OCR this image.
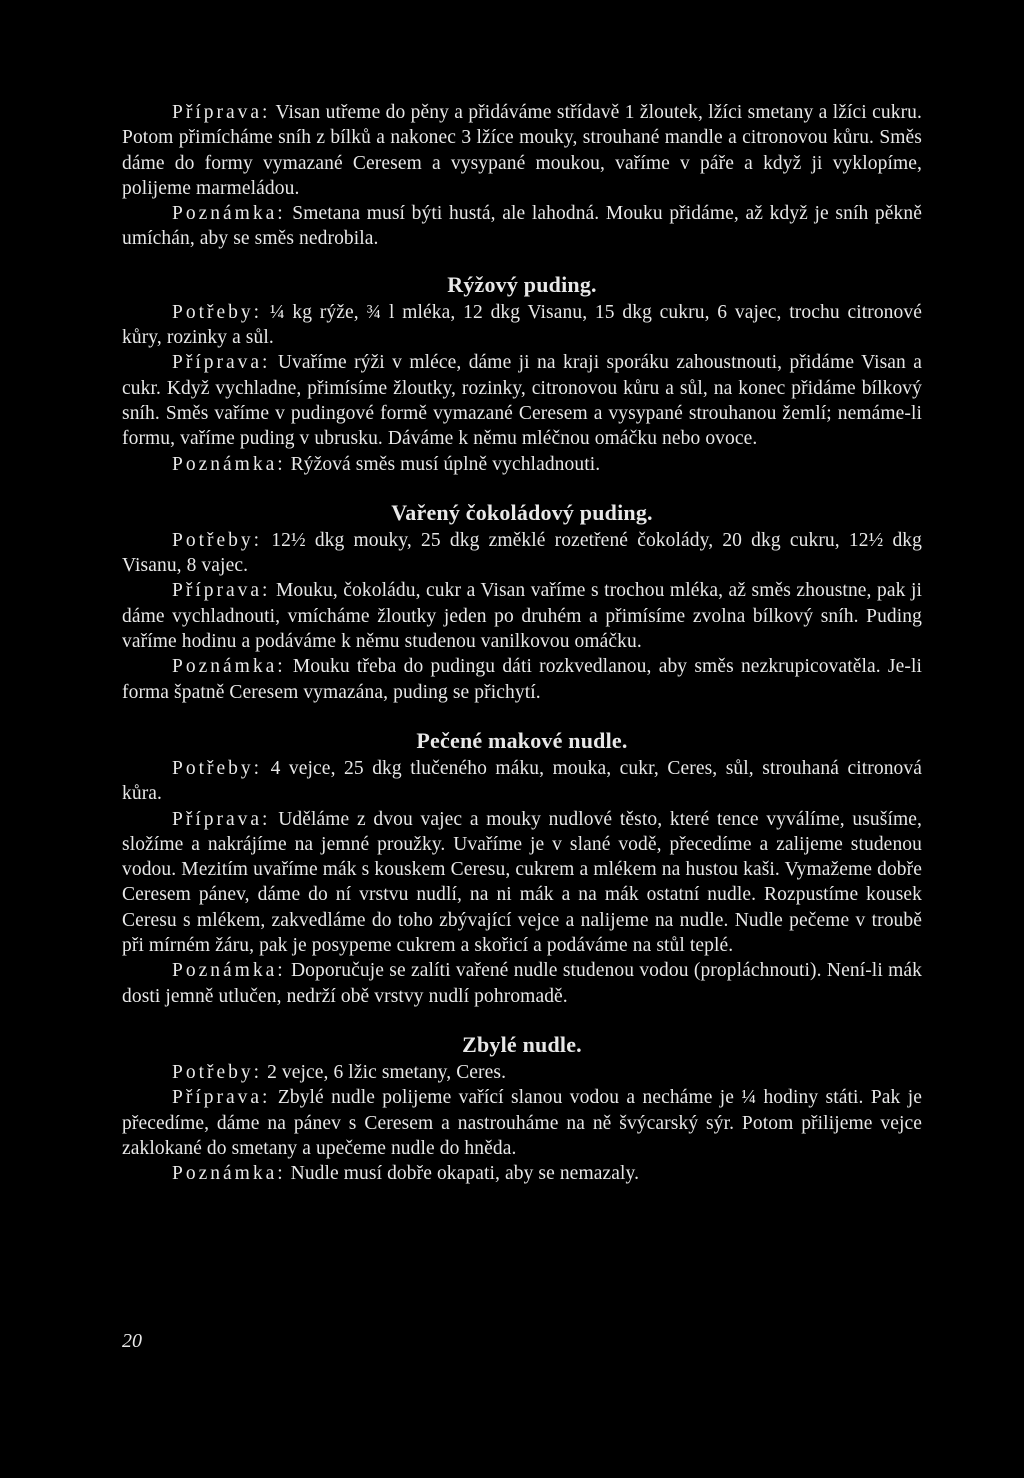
Příprava: Visan utřeme do pěny a přidáváme střídavě 1 žloutek, lžíci smetany a lžíci cukru. Potom přimícháme sníh z bílků a nakonec 3 lžíce mouky, strouhané mandle a citronovou kůru. Směs dáme do formy vymazané Ceresem a vysypané moukou, vaříme v páře a když ji vyklopíme, polijeme marmeládou.

Poznámka: Smetana musí býti hustá, ale lahodná. Mouku přidáme, až když je sníh pěkně umíchán, aby se směs nedrobila.

Rýžový puding.

Potřeby: ¼ kg rýže, ¾ l mléka, 12 dkg Visanu, 15 dkg cukru, 6 vajec, trochu citronové kůry, rozinky a sůl.

Příprava: Uvaříme rýži v mléce, dáme ji na kraji sporáku zahoustnouti, přidáme Visan a cukr. Když vychladne, přimísíme žloutky, rozinky, citronovou kůru a sůl, na konec přidáme bílkový sníh. Směs vaříme v pudingové formě vymazané Ceresem a vysypané strouhanou žemlí; nemáme-li formu, vaříme puding v ubrusku. Dáváme k němu mléčnou omáčku nebo ovoce.

Poznámka: Rýžová směs musí úplně vychladnouti.

Vařený čokoládový puding.

Potřeby: 12½ dkg mouky, 25 dkg změklé rozetřené čokolády, 20 dkg cukru, 12½ dkg Visanu, 8 vajec.

Příprava: Mouku, čokoládu, cukr a Visan vaříme s trochou mléka, až směs zhoustne, pak ji dáme vychladnouti, vmícháme žloutky jeden po druhém a přimísíme zvolna bílkový sníh. Puding vaříme hodinu a podáváme k němu studenou vanilkovou omáčku.

Poznámka: Mouku třeba do pudingu dáti rozkvedlanou, aby směs nezkrupicovatěla. Je-li forma špatně Ceresem vymazána, puding se přichytí.

Pečené makové nudle.

Potřeby: 4 vejce, 25 dkg tlučeného máku, mouka, cukr, Ceres, sůl, strouhaná citronová kůra.

Příprava: Uděláme z dvou vajec a mouky nudlové těsto, které tence vyválíme, usušíme, složíme a nakrájíme na jemné proužky. Uvaříme je v slané vodě, přecedíme a zalijeme studenou vodou. Mezitím uvaříme mák s kouskem Ceresu, cukrem a mlékem na hustou kaši. Vymažeme dobře Ceresem pánev, dáme do ní vrstvu nudlí, na ni mák a na mák ostatní nudle. Rozpustíme kousek Ceresu s mlékem, zakvedláme do toho zbývající vejce a nalijeme na nudle. Nudle pečeme v troubě při mírném žáru, pak je posypeme cukrem a skořicí a podáváme na stůl teplé.

Poznámka: Doporučuje se zalíti vařené nudle studenou vodou (propláchnouti). Není-li mák dosti jemně utlučen, nedrží obě vrstvy nudlí pohromadě.

Zbylé nudle.

Potřeby: 2 vejce, 6 lžic smetany, Ceres.

Příprava: Zbylé nudle polijeme vařící slanou vodou a necháme je ¼ hodiny státi. Pak je přecedíme, dáme na pánev s Ceresem a nastrouháme na ně švýcarský sýr. Potom přilijeme vejce zaklokané do smetany a upečeme nudle do hněda.

Poznámka: Nudle musí dobře okapati, aby se nemazaly.

20
